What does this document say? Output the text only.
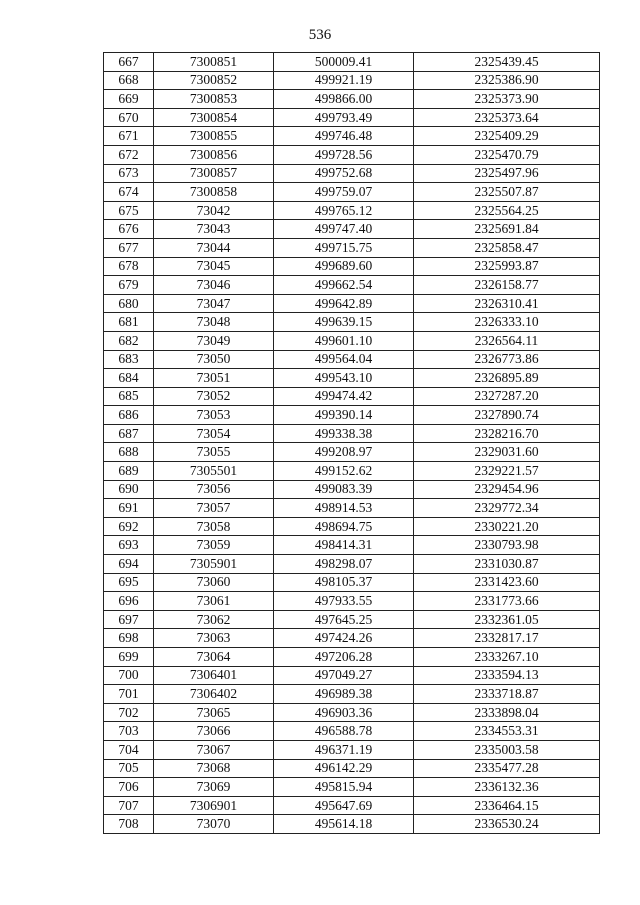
536
667	7300851	500009.41	2325439.45
668	7300852	499921.19	2325386.90
669	7300853	499866.00	2325373.90
670	7300854	499793.49	2325373.64
671	7300855	499746.48	2325409.29
672	7300856	499728.56	2325470.79
673	7300857	499752.68	2325497.96
674	7300858	499759.07	2325507.87
675	73042	499765.12	2325564.25
676	73043	499747.40	2325691.84
677	73044	499715.75	2325858.47
678	73045	499689.60	2325993.87
679	73046	499662.54	2326158.77
680	73047	499642.89	2326310.41
681	73048	499639.15	2326333.10
682	73049	499601.10	2326564.11
683	73050	499564.04	2326773.86
684	73051	499543.10	2326895.89
685	73052	499474.42	2327287.20
686	73053	499390.14	2327890.74
687	73054	499338.38	2328216.70
688	73055	499208.97	2329031.60
689	7305501	499152.62	2329221.57
690	73056	499083.39	2329454.96
691	73057	498914.53	2329772.34
692	73058	498694.75	2330221.20
693	73059	498414.31	2330793.98
694	7305901	498298.07	2331030.87
695	73060	498105.37	2331423.60
696	73061	497933.55	2331773.66
697	73062	497645.25	2332361.05
698	73063	497424.26	2332817.17
699	73064	497206.28	2333267.10
700	7306401	497049.27	2333594.13
701	7306402	496989.38	2333718.87
702	73065	496903.36	2333898.04
703	73066	496588.78	2334553.31
704	73067	496371.19	2335003.58
705	73068	496142.29	2335477.28
706	73069	495815.94	2336132.36
707	7306901	495647.69	2336464.15
708	73070	495614.18	2336530.24
